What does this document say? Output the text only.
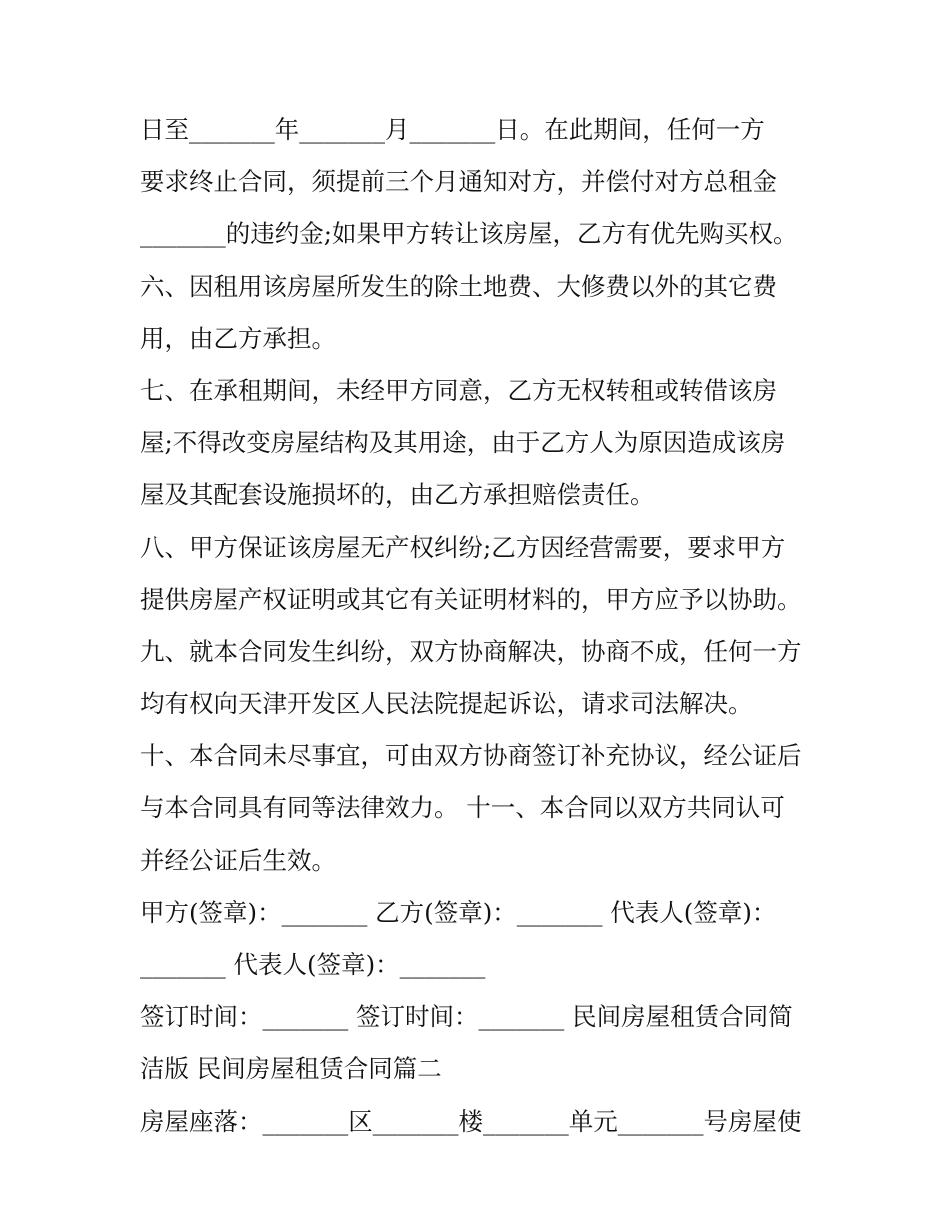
日至_______年_______月_______日。在此期间，任何一方
要求终止合同，须提前三个月通知对方，并偿付对方总租金
_______的违约金;如果甲方转让该房屋，乙方有优先购买权。
六、因租用该房屋所发生的除土地费、大修费以外的其它费
用，由乙方承担。
七、在承租期间，未经甲方同意，乙方无权转租或转借该房
屋;不得改变房屋结构及其用途，由于乙方人为原因造成该房
屋及其配套设施损坏的，由乙方承担赔偿责任。
八、甲方保证该房屋无产权纠纷;乙方因经营需要，要求甲方
提供房屋产权证明或其它有关证明材料的，甲方应予以协助。
九、就本合同发生纠纷，双方协商解决，协商不成，任何一方
均有权向天津开发区人民法院提起诉讼，请求司法解决。
十、本合同未尽事宜，可由双方协商签订补充协议，经公证后
与本合同具有同等法律效力。 十一、本合同以双方共同认可
并经公证后生效。
甲方(签章)：_______ 乙方(签章)：_______ 代表人(签章)：
_______ 代表人(签章)：_______
签订时间：_______ 签订时间：_______ 民间房屋租赁合同简
洁版 民间房屋租赁合同篇二
房屋座落：_______区_______楼_______单元_______号房屋使
